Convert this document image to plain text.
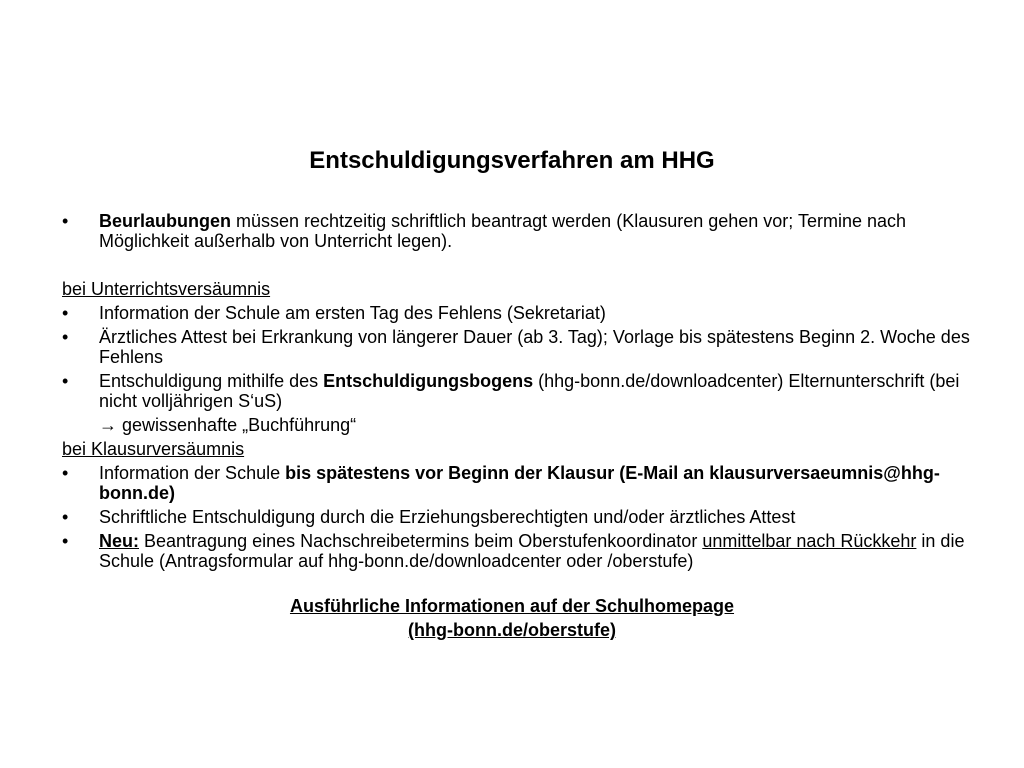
Entschuldigungsverfahren am HHG
•	Beurlaubungen müssen rechtzeitig schriftlich beantragt werden (Klausuren gehen vor; Termine nach Möglichkeit außerhalb von Unterricht legen).
bei Unterrichtsversäumnis
•	Information der Schule am ersten Tag des Fehlens (Sekretariat)
•	Ärztliches Attest bei Erkrankung von längerer Dauer (ab 3. Tag); Vorlage bis spätestens Beginn 2. Woche des Fehlens
•	Entschuldigung mithilfe des Entschuldigungsbogens (hhg-bonn.de/downloadcenter) Elternunterschrift (bei nicht volljährigen S‘uS)
→ gewissenhafte „Buchführung“
bei Klausurversäumnis
•	Information der Schule bis spätestens vor Beginn der Klausur (E-Mail an klausurversaeumnis@hhg-bonn.de)
•	Schriftliche Entschuldigung durch die Erziehungsberechtigten und/oder ärztliches Attest
•	Neu: Beantragung eines Nachschreibetermins beim Oberstufenkoordinator unmittelbar nach Rückkehr in die Schule (Antragsformular auf hhg-bonn.de/downloadcenter oder /oberstufe)
Ausführliche Informationen auf der Schulhomepage
(hhg-bonn.de/oberstufe)
